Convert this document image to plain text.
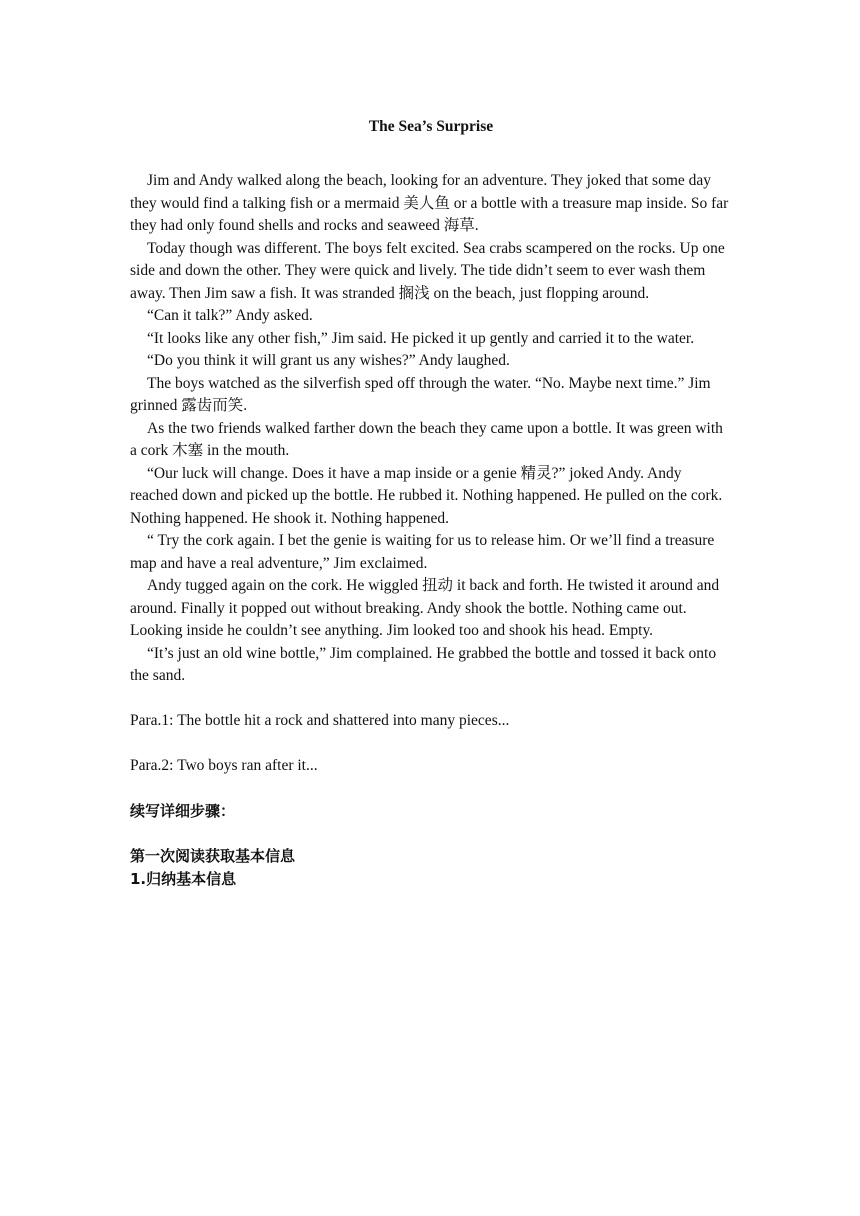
The Sea’s Surprise

Jim and Andy walked along the beach, looking for an adventure. They joked that some day they would find a talking fish or a mermaid 美人鱼 or a bottle with a treasure map inside. So far they had only found shells and rocks and seaweed 海草.

Today though was different. The boys felt excited. Sea crabs scampered on the rocks. Up one side and down the other. They were quick and lively. The tide didn’t seem to ever wash them away. Then Jim saw a fish. It was stranded 搁浅 on the beach, just flopping around.

“Can it talk?” Andy asked.

“It looks like any other fish,” Jim said. He picked it up gently and carried it to the water.

“Do you think it will grant us any wishes?” Andy laughed.

The boys watched as the silverfish sped off through the water. “No. Maybe next time.” Jim grinned 露齿而笑.

As the two friends walked farther down the beach they came upon a bottle. It was green with a cork 木塞 in the mouth.

“Our luck will change. Does it have a map inside or a genie 精灵?” joked Andy. Andy reached down and picked up the bottle. He rubbed it. Nothing happened. He pulled on the cork. Nothing happened. He shook it. Nothing happened.

“ Try the cork again. I bet the genie is waiting for us to release him. Or we’ll find a treasure map and have a real adventure,” Jim exclaimed.

Andy tugged again on the cork. He wiggled 扭动 it back and forth. He twisted it around and around. Finally it popped out without breaking. Andy shook the bottle. Nothing came out. Looking inside he couldn’t see anything. Jim looked too and shook his head. Empty.

“It’s just an old wine bottle,” Jim complained. He grabbed the bottle and tossed it back onto the sand.

Para.1: The bottle hit a rock and shattered into many pieces...

Para.2: Two boys ran after it...

续写详细步骤：

第一次阅读获取基本信息

1.归纳基本信息
